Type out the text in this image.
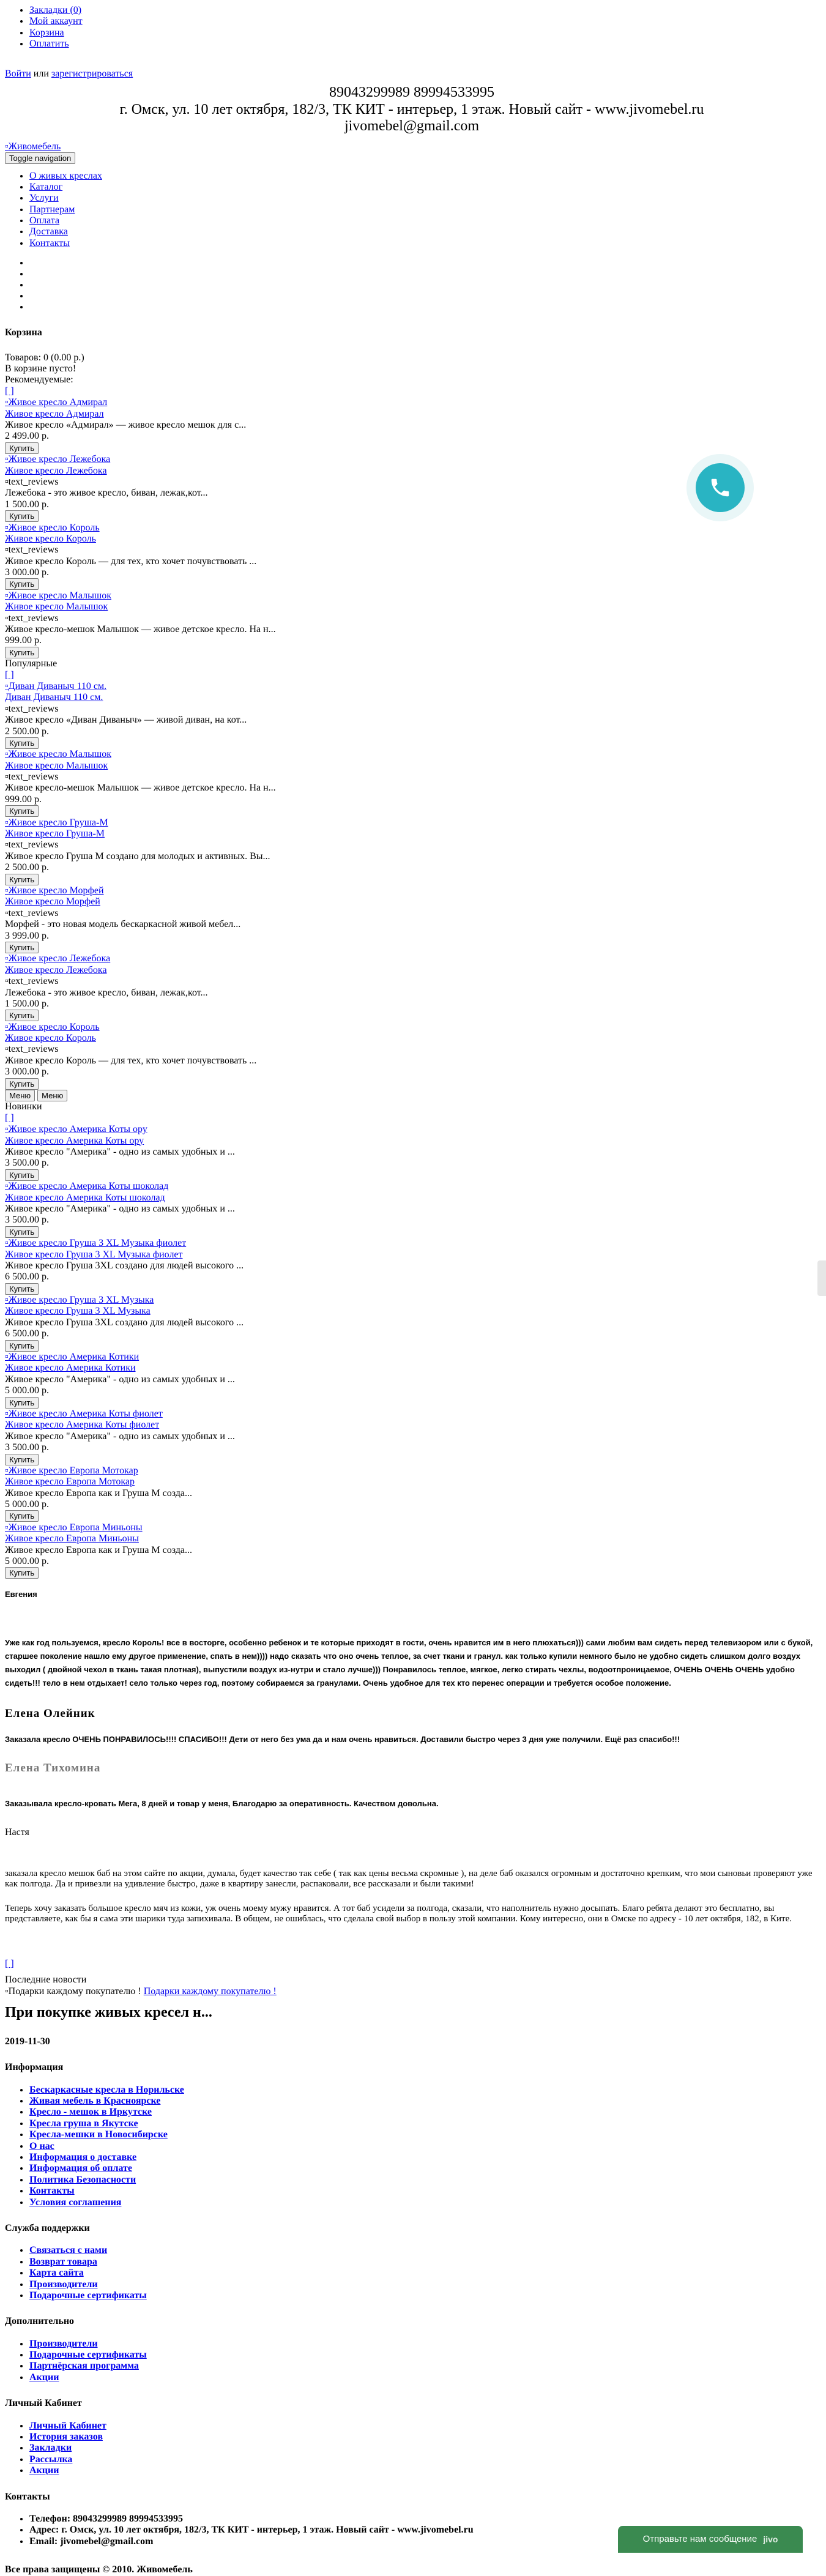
• Закладки (0)
• Мой аккаунт
• Корзина
• Оплатить
Войти или зарегистрироваться
89043299989 89994533995
г. Омск, ул. 10 лет октября, 182/3, ТК КИТ - интерьер, 1 этаж. Новый сайт - www.jivomebel.ru
jivomebel@gmail.com
▫Живомебель
Toggle navigation
• О живых креслах
• Каталог
• Услуги
• Партнерам
• Оплата
• Доставка
• Контакты
•
•
•
•
•
Корзина
Товаров: 0 (0.00 р.)
В корзине пусто!
Рекомендуемые:
[ ]
▫Живое кресло Адмирал
Живое кресло Адмирал
Живое кресло «Адмирал» — живое кресло мешок для с...
2 499.00 р.
Купить
▫Живое кресло Лежебока
Живое кресло Лежебока
▫text_reviews
Лежебока - это живое кресло, биван, лежак,кот...
1 500.00 р.
Купить
▫Живое кресло Король
Живое кресло Король
▫text_reviews
Живое кресло Король — для тех, кто хочет почувствовать ...
3 000.00 р.
Купить
▫Живое кресло Малышок
Живое кресло Малышок
▫text_reviews
Живое кресло-мешок Малышок — живое детское кресло. На н...
999.00 р.
Купить
Популярные
[ ]
▫Диван Диваныч 110 см.
Диван Диваныч 110 см.
▫text_reviews
Живое кресло «Диван Диваныч» — живой диван, на кот...
2 500.00 р.
Купить
▫Живое кресло Малышок
Живое кресло Малышок
▫text_reviews
Живое кресло-мешок Малышок — живое детское кресло. На н...
999.00 р.
Купить
▫Живое кресло Груша-М
Живое кресло Груша-М
▫text_reviews
Живое кресло Груша М создано для молодых и активных. Вы...
2 500.00 р.
Купить
▫Живое кресло Морфей
Живое кресло Морфей
▫text_reviews
Морфей - это новая модель бескаркасной живой мебел...
3 999.00 р.
Купить
▫Живое кресло Лежебока
Живое кресло Лежебока
▫text_reviews
Лежебока - это живое кресло, биван, лежак,кот...
1 500.00 р.
Купить
▫Живое кресло Король
Живое кресло Король
▫text_reviews
Живое кресло Король — для тех, кто хочет почувствовать ...
3 000.00 р.
Купить
Меню Меню
Новинки
[ ]
▫Живое кресло Америка Коты ору
Живое кресло Америка Коты ору
Живое кресло "Америка" - одно из самых удобных и ...
3 500.00 р.
Купить
▫Живое кресло Америка Коты шоколад
Живое кресло Америка Коты шоколад
Живое кресло "Америка" - одно из самых удобных и ...
3 500.00 р.
Купить
▫Живое кресло Груша 3 XL Музыка фиолет
Живое кресло Груша 3 XL Музыка фиолет
Живое кресло Груша 3XL создано для людей высокого ...
6 500.00 р.
Купить
▫Живое кресло Груша 3 XL Музыка
Живое кресло Груша 3 XL Музыка
Живое кресло Груша 3XL создано для людей высокого ...
6 500.00 р.
Купить
▫Живое кресло Америка Котики
Живое кресло Америка Котики
Живое кресло "Америка" - одно из самых удобных и ...
5 000.00 р.
Купить
▫Живое кресло Америка Коты фиолет
Живое кресло Америка Коты фиолет
Живое кресло "Америка" - одно из самых удобных и ...
3 500.00 р.
Купить
▫Живое кресло Европа Мотокар
Живое кресло Европа Мотокар
Живое кресло Европа как и Груша М созда...
5 000.00 р.
Купить
▫Живое кресло Европа Миньоны
Живое кресло Европа Миньоны
Живое кресло Европа как и Груша М созда...
5 000.00 р.
Купить
Евгения
Уже как год пользуемся, кресло Король! все в восторге, особенно ребенок и те которые приходят в гости, очень нравится им в него плюхаться))) сами любим вам сидеть перед телевизором или с букой, старшее поколение нашло ему другое применение, спать в нем)))) надо сказать что оно очень теплое, за счет ткани и гранул. как только купили немного было не удобно сидеть слишком долго воздух выходил ( двойной чехол в ткань такая плотная), выпустили воздух из-нутри и стало лучше))) Понравилось теплое, мягкое, легко стирать чехлы, водоотпроницаемое, ОЧЕНЬ ОЧЕНЬ ОЧЕНЬ удобно сидеть!!! тело в нем отдыхает! село только через год, поэтому собираемся за гранулами. Очень удобное для тех кто перенес операции и требуется особое положение.
Елена Олейник
Заказала кресло ОЧЕНЬ ПОНРАВИЛОСЬ!!!! СПАСИБО!!! Дети от него без ума да и нам очень нравиться. Доставили быстро через 3 дня уже получили. Ещё раз спасибо!!!
Елена Тихомина
Заказывала кресло-кровать Мега, 8 дней и товар у меня, Благодарю за оперативность. Качеством довольна.
Настя
заказала кресло мешок баб на этом сайте по акции, думала, будет качество так себе ( так как цены весьма скромные ), на деле баб оказался огромным и достаточно крепким, что мои сыновьи проверяют уже как полгода. Да и привезли на удивление быстро, даже в квартиру занесли, распаковали, все рассказали и были такими!
Теперь хочу заказать большое кресло мяч из кожи, уж очень моему мужу нравится. А тот баб усидели за полгода, сказали, что наполнитель нужно досыпать. Благо ребята делают это бесплатно, вы представляете, как бы я сама эти шарики туда запихивала. В общем, не ошиблась, что сделала свой выбор в пользу этой компании. Кому интересно, они в Омске по адресу - 10 лет октября, 182, в Ките.
[ ]
Последние новости
▫Подарки каждому покупателю ! Подарки каждому покупателю !
При покупке живых кресел н...
2019-11-30
Информация
• Бескаркасные кресла в Норильске
• Живая мебель в Красноярске
• Кресло - мешок в Иркутске
• Кресла груша в Якутске
• Кресла-мешки в Новосибирске
• О нас
• Информация о доставке
• Информация об оплате
• Политика Безопасности
• Контакты
• Условия соглашения
Служба поддержки
• Связаться с нами
• Возврат товара
• Карта сайта
• Производители
• Подарочные сертификаты
Дополнительно
• Производители
• Подарочные сертификаты
• Партнёрская программа
• Акции
Личный Кабинет
• Личный Кабинет
• История заказов
• Закладки
• Рассылка
• Акции
Контакты
• Телефон: 89043299989 89994533995
• Адрес: г. Омск, ул. 10 лет октября, 182/3, ТК КИТ - интерьер, 1 этаж. Новый сайт - www.jivomebel.ru
• Email: jivomebel@gmail.com
Все права защищены © 2010. Живомебель
Отправьте нам сообщение jivo
